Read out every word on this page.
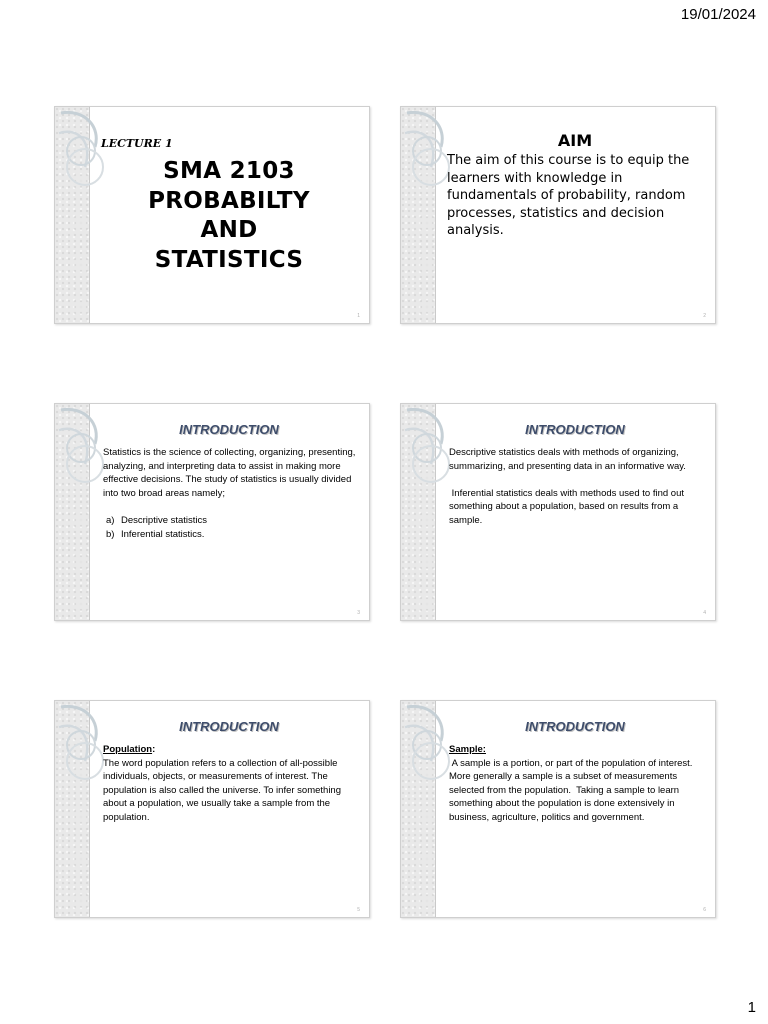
19/01/2024
LECTURE 1
SMA 2103
PROBABILTY
AND
STATISTICS
1
AIM
The aim of this course is to equip the learners with knowledge in fundamentals of probability, random processes, statistics and decision analysis.
2
INTRODUCTION

Statistics is the science of collecting, organizing, presenting, analyzing, and interpreting data to assist in making more effective decisions. The study of statistics is usually divided into two broad areas namely;

a) Descriptive statistics
b) Inferential statistics.
3
INTRODUCTION

Descriptive statistics deals with methods of organizing, summarizing, and presenting data in an informative way.

Inferential statistics deals with methods used to find out something about a population, based on results from a sample.

4
INTRODUCTION

Population:

The word population refers to a collection of all-possible individuals, objects, or measurements of interest. The population is also called the universe. To infer something about a population, we usually take a sample from the population.

5
INTRODUCTION

Sample:

A sample is a portion, or part of the population of interest.  More generally a sample is a subset of measurements selected from the population.  Taking a sample to learn something about the population is done extensively in business, agriculture, politics and government.

6
1
